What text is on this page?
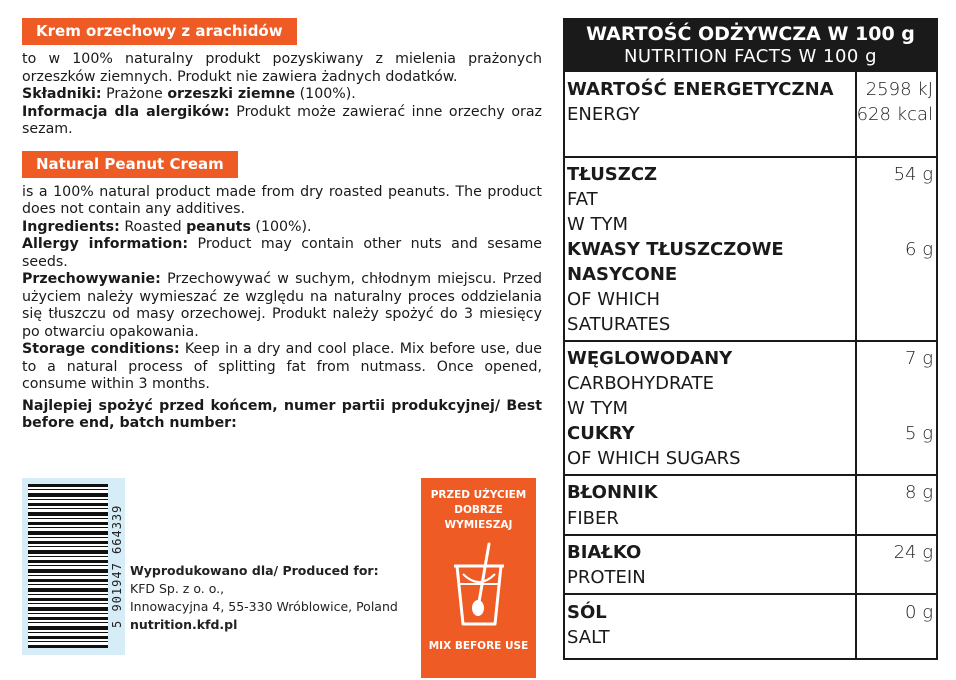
Krem orzechowy z arachidów

to w 100% naturalny produkt pozyskiwany z mielenia prażonych orzeszków ziemnych. Produkt nie zawiera żadnych dodatków.
Składniki: Prażone orzeszki ziemne (100%).
Informacja dla alergików: Produkt może zawierać inne orzechy oraz sezam.

Natural Peanut Cream

is a 100% natural product made from dry roasted peanuts. The product does not contain any additives.
Ingredients: Roasted peanuts (100%).
Allergy information: Product may contain other nuts and sesame seeds.
Przechowywanie: Przechowywać w suchym, chłodnym miejscu. Przed użyciem należy wymieszać ze względu na naturalny proces oddzielania się tłuszczu od masy orzechowej. Produkt należy spożyć do 3 miesięcy po otwarciu opakowania.
Storage conditions: Keep in a dry and cool place. Mix before use, due to a natural process of splitting fat from nutmass. Once opened, consume within 3 months.

Najlepiej spożyć przed końcem, numer partii produkcyjnej/ Best before end, batch number:

5 901947 664339 Wyprodukowano dla/ Produced for:
KFD Sp. z o. o.,
Innowacyjna 4, 55-330 Wróblowice, Poland
nutrition.kfd.pl
PRZED UŻYCIEM
DOBRZE
WYMIESZAJ
MIX BEFORE USE
WARTOŚĆ ODŻYWCZA W 100 g
NUTRITION FACTS W 100 g
WARTOŚĆ ENERGETYCZNA
ENERGY
2598 kJ
628 kcal
TŁUSZCZ
FAT
W TYM
54 g
KWASY TŁUSZCZOWE
NASYCONE
OF WHICH
SATURATES
6 g
WĘGLOWODANY
CARBOHYDRATE
W TYM
7 g
CUKRY
OF WHICH SUGARS
5 g
BŁONNIK
FIBER
8 g
BIAŁKO
PROTEIN
24 g
SÓL
SALT
0 g
